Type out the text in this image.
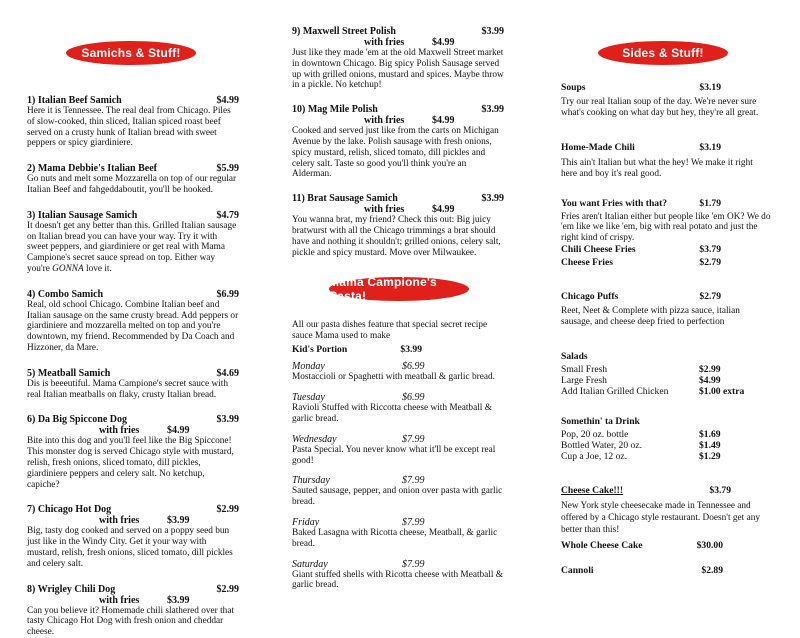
Samichs & Stuff!
Mama Campione's Pasta!
Sides & Stuff!
1) Italian Beef Samich	$4.99
Here it is Tennessee. The real deal from Chicago. Piles of slow-cooked, thin sliced, Italian spiced roast beef served on a crusty hunk of Italian bread with sweet peppers or spicy giardiniere.
2) Mama Debbie's Italian Beef	$5.99
Go nuts and melt some Mozzarella on top of our regular Italian Beef and fahgeddaboutit, you'll be hooked.
3) Italian Sausage Samich	$4.79
It doesn't get any better than this. Grilled Italian sausage on Italian bread you can have your way. Try it with sweet peppers, and giardiniere or get real with Mama Campione's secret sauce spread on top. Either way you're GONNA love it.
4) Combo Samich	$6.99
Real, old school Chicago. Combine Italian beef and Italian sausage on the same crusty bread. Add peppers or giardiniere and mozzarella melted on top and you're downtown, my friend. Recommended by Da Coach and Hizzoner, da Mare.
5) Meatball Samich	$4.69
Dis is beeeutiful. Mama Campione's secret sauce with real Italian meatballs on flaky, crusty Italian bread.
6) Da Big Spiccone Dog	$3.99
with fries	$4.99
Bite into this dog and you'll feel like the Big Spiccone! This monster dog is served Chicago style with mustard, relish, fresh onions, sliced tomato, dill pickles, giardiniere peppers and celery salt. No ketchup, capiche?
7) Chicago Hot Dog	$2.99
with fries	$3.99
Big, tasty dog cooked and served on a poppy seed bun just like in the Windy City. Get it your way with mustard, relish, fresh onions, sliced tomato, dill pickles and celery salt.
8) Wrigley Chili Dog	$2.99
with fries	$3.99
Can you believe it? Homemade chili slathered over that tasty Chicago Hot Dog with fresh onion and cheddar cheese.
9) Maxwell Street Polish	$3.99
with fries	$4.99
Just like they made 'em at the old Maxwell Street market in downtown Chicago. Big spicy Polish Sausage served up with grilled onions, mustard and spices. Maybe throw in a pickle. No ketchup!
10) Mag Mile Polish	$3.99
with fries	$4.99
Cooked and served just like from the carts on Michigan Avenue by the lake. Polish sausage with fresh onions, spicy mustard, relish, sliced tomato, dill pickles and celery salt. Taste so good you'll think you're an Alderman.
11) Brat Sausage Samich	$3.99
with fries	$4.99
You wanna brat, my friend? Check this out: Big juicy bratwurst with all the Chicago trimmings a brat should have and nothing it shouldn't; grilled onions, celery salt, pickle and spicy mustard. Move over Milwaukee.
All our pasta dishes feature that special secret recipe sauce Mama used to make
Kid's Portion	$3.99
Monday	$6.99
Mostaccioli or Spaghetti with meatball & garlic bread.
Tuesday	$6.99
Ravioli Stuffed with Riccotta cheese with Meatball & garlic bread.
Wednesday	$7.99
Pasta Special. You never know what it'll be except real good!
Thursday	$7.99
Sauted sausage, pepper, and onion over pasta with garlic bread.
Friday	$7.99
Baked Lasagna with Ricotta cheese, Meatball, & garlic bread.
Saturday	$7.99
Giant stuffed shells with Ricotta cheese with Meatball & garlic bread.
Soups	$3.19
Try our real Italian soup of the day. We're never sure what's cooking on what day but hey, they're all great.
Home-Made Chili	$3.19
This ain't Italian but what the hey! We make it right here and boy it's real good.
You want Fries with that?	$1.79
Fries aren't Italian either but people like 'em OK? We do 'em like we like 'em, big with real potato and just the right kind of crispy.
Chili Cheese Fries	$3.79
Cheese Fries	$2.79
Chicago Puffs	$2.79
Reet, Neet & Complete with pizza sauce, italian sausage, and cheese deep fried to perfection
Salads
Small Fresh	$2.99
Large Fresh	$4.99
Add Italian Grilled Chicken	$1.00 extra
Somethin' ta Drink
Pop, 20 oz. bottle	$1.69
Bottled Water, 20 oz.	$1.49
Cup a Joe, 12 oz.	$1.29
Cheese Cake!!!	$3.79
New York style cheesecake made in Tennessee and offered by a Chicago style restaurant. Doesn't get any better than this!
Whole Cheese Cake	$30.00
Cannoli	$2.89
